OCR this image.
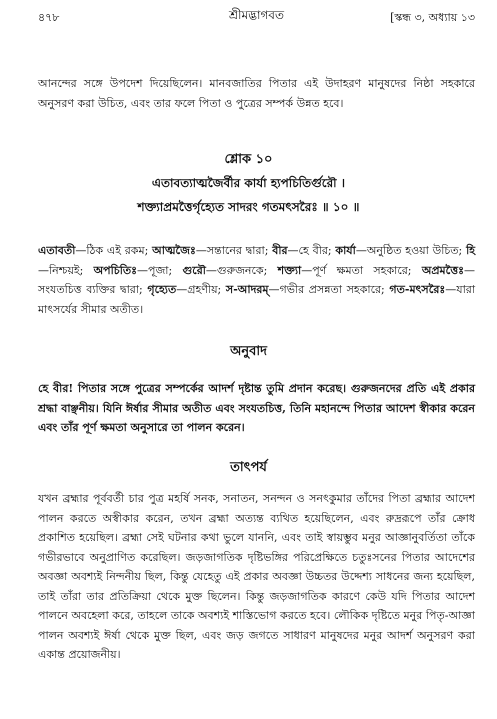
৪৭৮	শ্রীমদ্ভাগবত	[স্কন্ধ ৩, অধ্যায় ১৩

আনন্দের সঙ্গে উপদেশ দিয়েছিলেন। মানবজাতির পিতার এই উদাহরণ মানুষদের নিষ্ঠা সহকারে অনুসরণ করা উচিত, এবং তার ফলে পিতা ও পুত্রের সম্পর্ক উন্নত হবে।

শ্লোক ১০
এতাবত্যাত্মজৈর্বীর কার্যা হ্যপচিতির্গুরৌ ।
শক্ত্যাপ্রমত্তৈর্গৃহ্যেত সাদরং গতমৎসরৈঃ ॥ ১০ ॥

এতাবতী—ঠিক এই রকম; আত্মজৈঃ—সন্তানের দ্বারা; বীর—হে বীর; কার্যা—অনুষ্ঠিত হওয়া উচিত; হি—নিশ্চয়ই; অপচিতিঃ—পূজা; গুরৌ—গুরুজনকে; শক্ত্যা—পূর্ণ ক্ষমতা সহকারে; অপ্রমত্তৈঃ—সংযতচিত্ত ব্যক্তির দ্বারা; গৃহ্যেত—গ্রহণীয়; স-আদরম্—গভীর প্রসন্নতা সহকারে; গত-মৎসরৈঃ—যারা মাৎসর্যের সীমার অতীত।

অনুবাদ

হে বীর! পিতার সঙ্গে পুত্রের সম্পর্কের আদর্শ দৃষ্টান্ত তুমি প্রদান করেছ। গুরুজনদের প্রতি এই প্রকার শ্রদ্ধা বাঞ্ছনীয়। যিনি ঈর্ষার সীমার অতীত এবং সংযতচিত্ত, তিনি মহানন্দে পিতার আদেশ স্বীকার করেন এবং তাঁর পূর্ণ ক্ষমতা অনুসারে তা পালন করেন।

তাৎপর্য

যখন ব্রহ্মার পূর্ববর্তী চার পুত্র মহর্ষি সনক, সনাতন, সনন্দন ও সনৎকুমার তাঁদের পিতা ব্রহ্মার আদেশ পালন করতে অস্বীকার করেন, তখন ব্রহ্মা অত্যন্ত ব্যথিত হয়েছিলেন, এবং রুদ্ররূপে তাঁর ক্রোধ প্রকাশিত হয়েছিল। ব্রহ্মা সেই ঘটনার কথা ভুলে যাননি, এবং তাই স্বায়ম্ভুব মনুর আজ্ঞানুবর্তিতা তাঁকে গভীরভাবে অনুপ্রাণিত করেছিল। জড়জাগতিক দৃষ্টিভঙ্গির পরিপ্রেক্ষিতে চতুঃসনের পিতার আদেশের অবজ্ঞা অবশ্যই নিন্দনীয় ছিল, কিন্তু যেহেতু এই প্রকার অবজ্ঞা উচ্চতর উদ্দেশ্য সাধনের জন্য হয়েছিল, তাই তাঁরা তার প্রতিক্রিয়া থেকে মুক্ত ছিলেন। কিন্তু জড়জাগতিক কারণে কেউ যদি পিতার আদেশ পালনে অবহেলা করে, তাহলে তাকে অবশ্যই শাস্তিভোগ করতে হবে। লৌকিক দৃষ্টিতে মনুর পিতৃ-আজ্ঞা পালন অবশ্যই ঈর্ষা থেকে মুক্ত ছিল, এবং জড় জগতে সাধারণ মানুষদের মনুর আদর্শ অনুসরণ করা একান্ত প্রয়োজনীয়।
